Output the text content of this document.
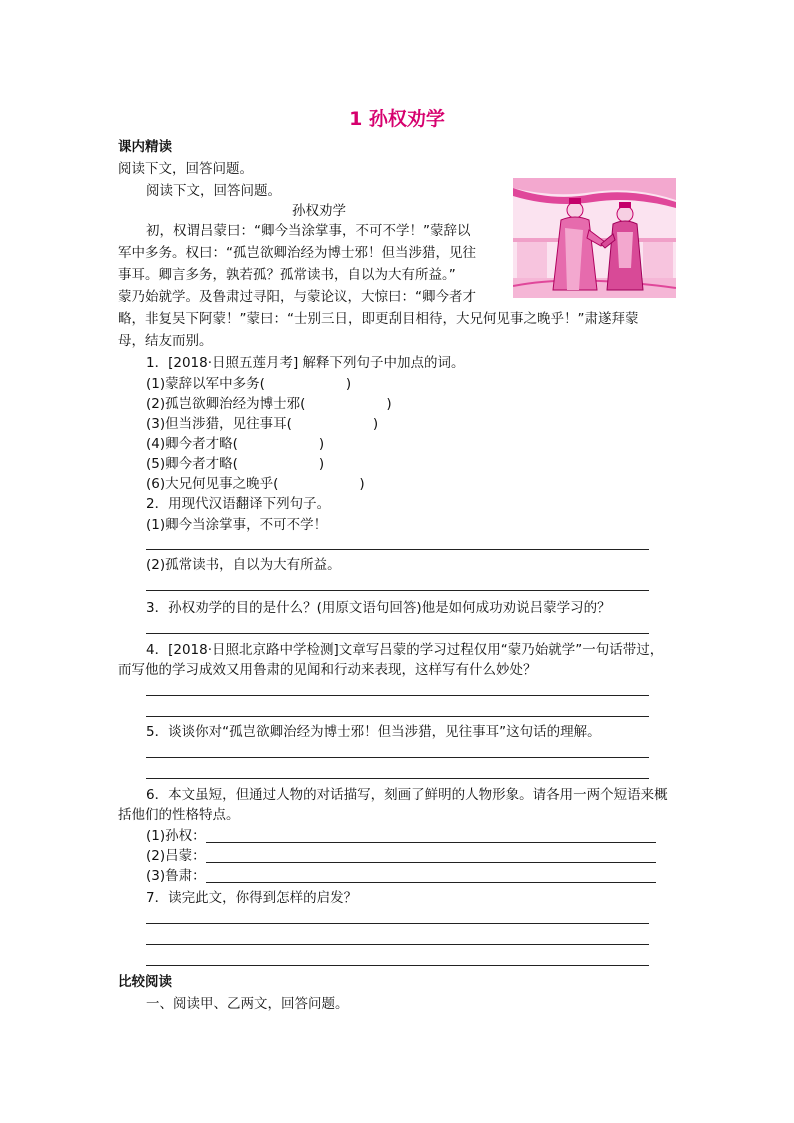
1 孙权劝学
课内精读
阅读下文，回答问题。
阅读下文，回答问题。
孙权劝学
初，权谓吕蒙曰：“卿今当涂掌事，不可不学！”蒙辞以
军中多务。权曰：“孤岂欲卿治经为博士邪！但当涉猎，见往
事耳。卿言多务，孰若孤？孤常读书，自以为大有所益。”
蒙乃始就学。及鲁肃过寻阳，与蒙论议，大惊曰：“卿今者才
略，非复吴下阿蒙！”蒙曰：“士别三日，即更刮目相待，大兄何见事之晚乎！”肃遂拜蒙
母，结友而别。
1．[2018·日照五莲月考] 解释下列句子中加点的词。
(1)蒙辞以军中多务(　　　　　　)
(2)孤岂欲卿治经为博士邪(　　　　　　)
(3)但当涉猎，见往事耳(　　　　　　)
(4)卿今者才略(　　　　　　)
(5)卿今者才略(　　　　　　)
(6)大兄何见事之晚乎(　　　　　　)
2．用现代汉语翻译下列句子。
(1)卿今当涂掌事，不可不学！
(2)孤常读书，自以为大有所益。
3．孙权劝学的目的是什么？(用原文语句回答)他是如何成功劝说吕蒙学习的？
4．[2018·日照北京路中学检测]文章写吕蒙的学习过程仅用“蒙乃始就学”一句话带过，
而写他的学习成效又用鲁肃的见闻和行动来表现，这样写有什么妙处？
5．谈谈你对“孤岂欲卿治经为博士邪！但当涉猎，见往事耳”这句话的理解。
6．本文虽短，但通过人物的对话描写，刻画了鲜明的人物形象。请各用一两个短语来概
括他们的性格特点。
(1)孙权：
(2)吕蒙：
(3)鲁肃：
7．读完此文，你得到怎样的启发？
比较阅读
一、阅读甲、乙两文，回答问题。
